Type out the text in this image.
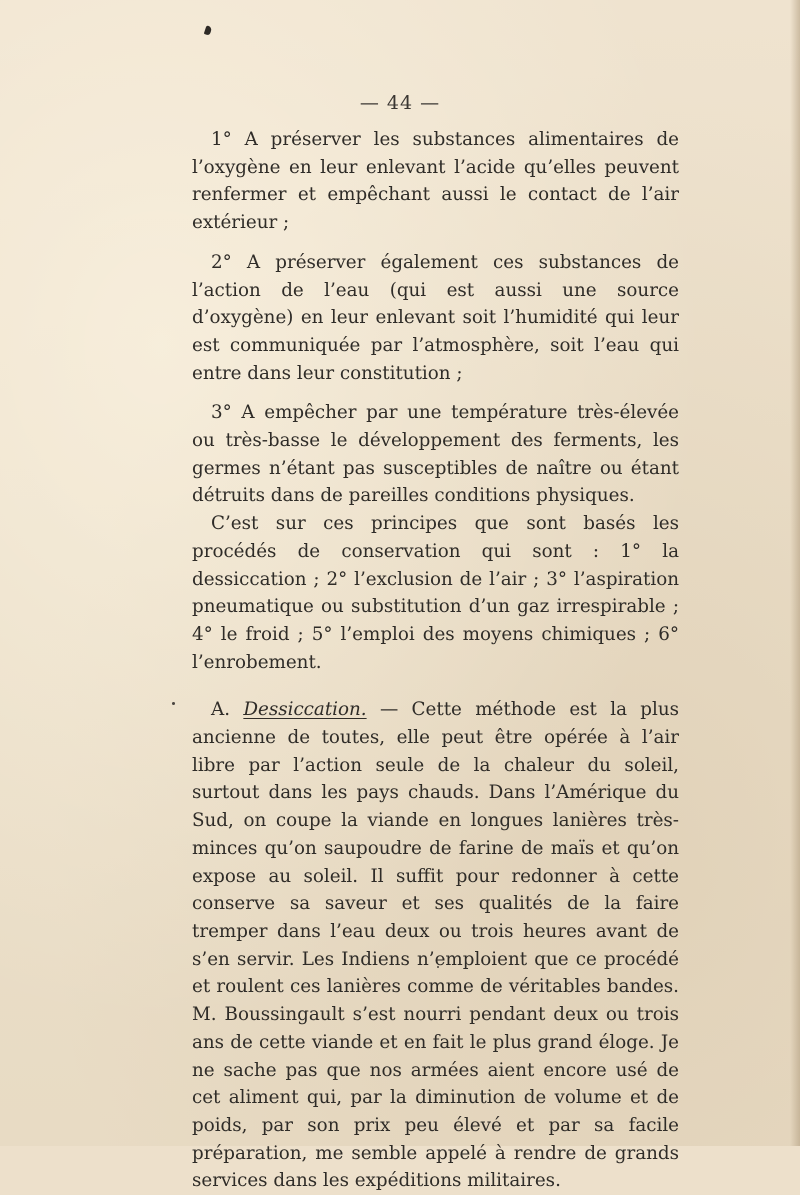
— 44 —

1° A préserver les substances alimentaires de l’oxygène en leur enlevant l’acide qu’elles peuvent renfermer et empêchant aussi le contact de l’air extérieur ;

2° A préserver également ces substances de l’action de l’eau (qui est aussi une source d’oxygène) en leur enlevant soit l’humidité qui leur est communiquée par l’atmosphère, soit l’eau qui entre dans leur constitution ;

3° A empêcher par une température très-élevée ou très-basse le développement des ferments, les germes n’étant pas susceptibles de naître ou étant détruits dans de pareilles conditions physiques.

C’est sur ces principes que sont basés les procédés de conservation qui sont : 1° la dessiccation ; 2° l’exclusion de l’air ; 3° l’aspiration pneumatique ou substitution d’un gaz irrespirable ; 4° le froid ; 5° l’emploi des moyens chimiques ; 6° l’enrobement.

A. Dessiccation. — Cette méthode est la plus ancienne de toutes, elle peut être opérée à l’air libre par l’action seule de la chaleur du soleil, surtout dans les pays chauds. Dans l’Amérique du Sud, on coupe la viande en longues lanières très-minces qu’on saupoudre de farine de maïs et qu’on expose au soleil. Il suffit pour redonner à cette conserve sa saveur et ses qualités de la faire tremper dans l’eau deux ou trois heures avant de s’en servir. Les Indiens n’emploient que ce procédé et roulent ces lanières comme de véritables bandes. M. Boussingault s’est nourri pendant deux ou trois ans de cette viande et en fait le plus grand éloge. Je ne sache pas que nos armées aient encore usé de cet aliment qui, par la diminution de volume et de poids, par son prix peu élevé et par sa facile préparation, me semble appelé à rendre de grands services dans les expéditions militaires.
